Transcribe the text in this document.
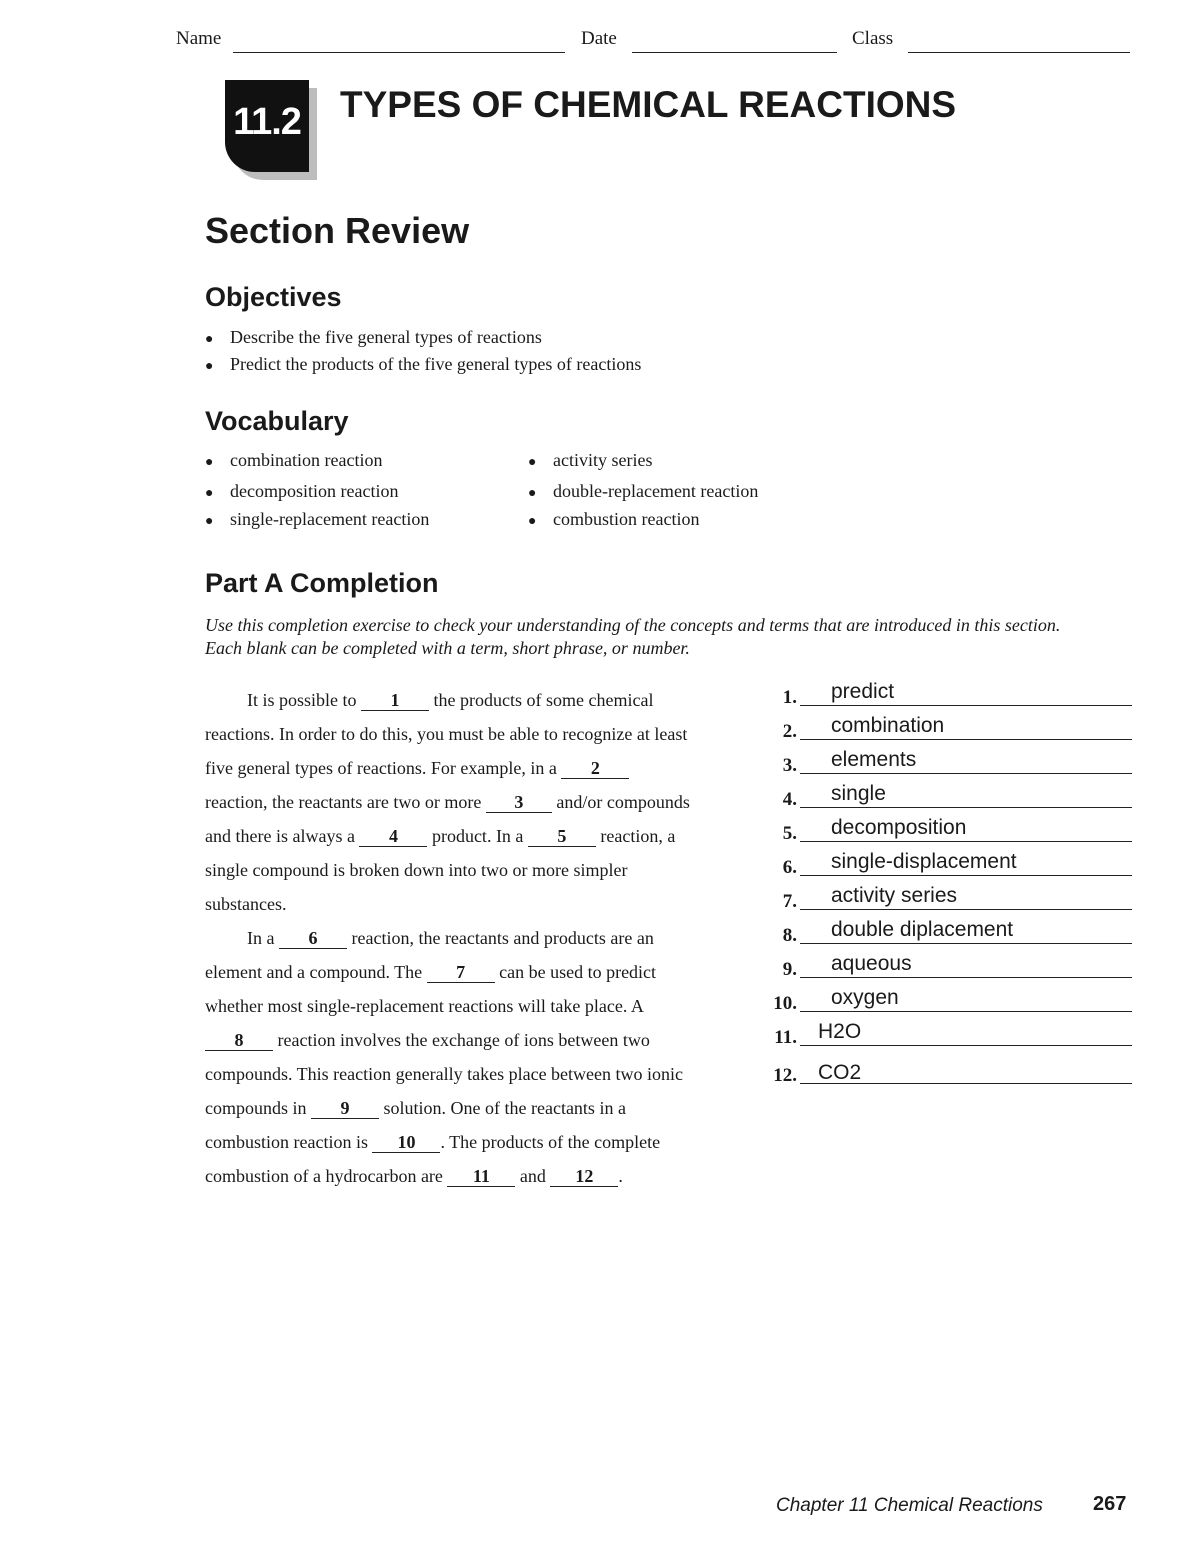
Name	Date	Class
11.2 TYPES OF CHEMICAL REACTIONS
Section Review
Objectives
● Describe the five general types of reactions
● Predict the products of the five general types of reactions
Vocabulary
● combination reaction
● decomposition reaction
● single-replacement reaction
● activity series
● double-replacement reaction
● combustion reaction
Part A Completion
Use this completion exercise to check your understanding of the concepts and terms that are introduced in this section. Each blank can be completed with a term, short phrase, or number.
It is possible to 1 the products of some chemical
reactions. In order to do this, you must be able to recognize at least
five general types of reactions. For example, in a 2
reaction, the reactants are two or more 3 and/or compounds
and there is always a 4 product. In a 5 reaction, a
single compound is broken down into two or more simpler
substances.
In a 6 reaction, the reactants and products are an
element and a compound. The 7 can be used to predict
whether most single-replacement reactions will take place. A
8 reaction involves the exchange of ions between two
compounds. This reaction generally takes place between two ionic
compounds in 9 solution. One of the reactants in a
combustion reaction is 10 . The products of the complete
combustion of a hydrocarbon are 11 and 12 .
1. predict
2. combination
3. elements
4. single
5. decomposition
6. single-displacement
7. activity series
8. double diplacement
9. aqueous
10. oxygen
11. H2O
12. CO2
Chapter 11 Chemical Reactions	267
